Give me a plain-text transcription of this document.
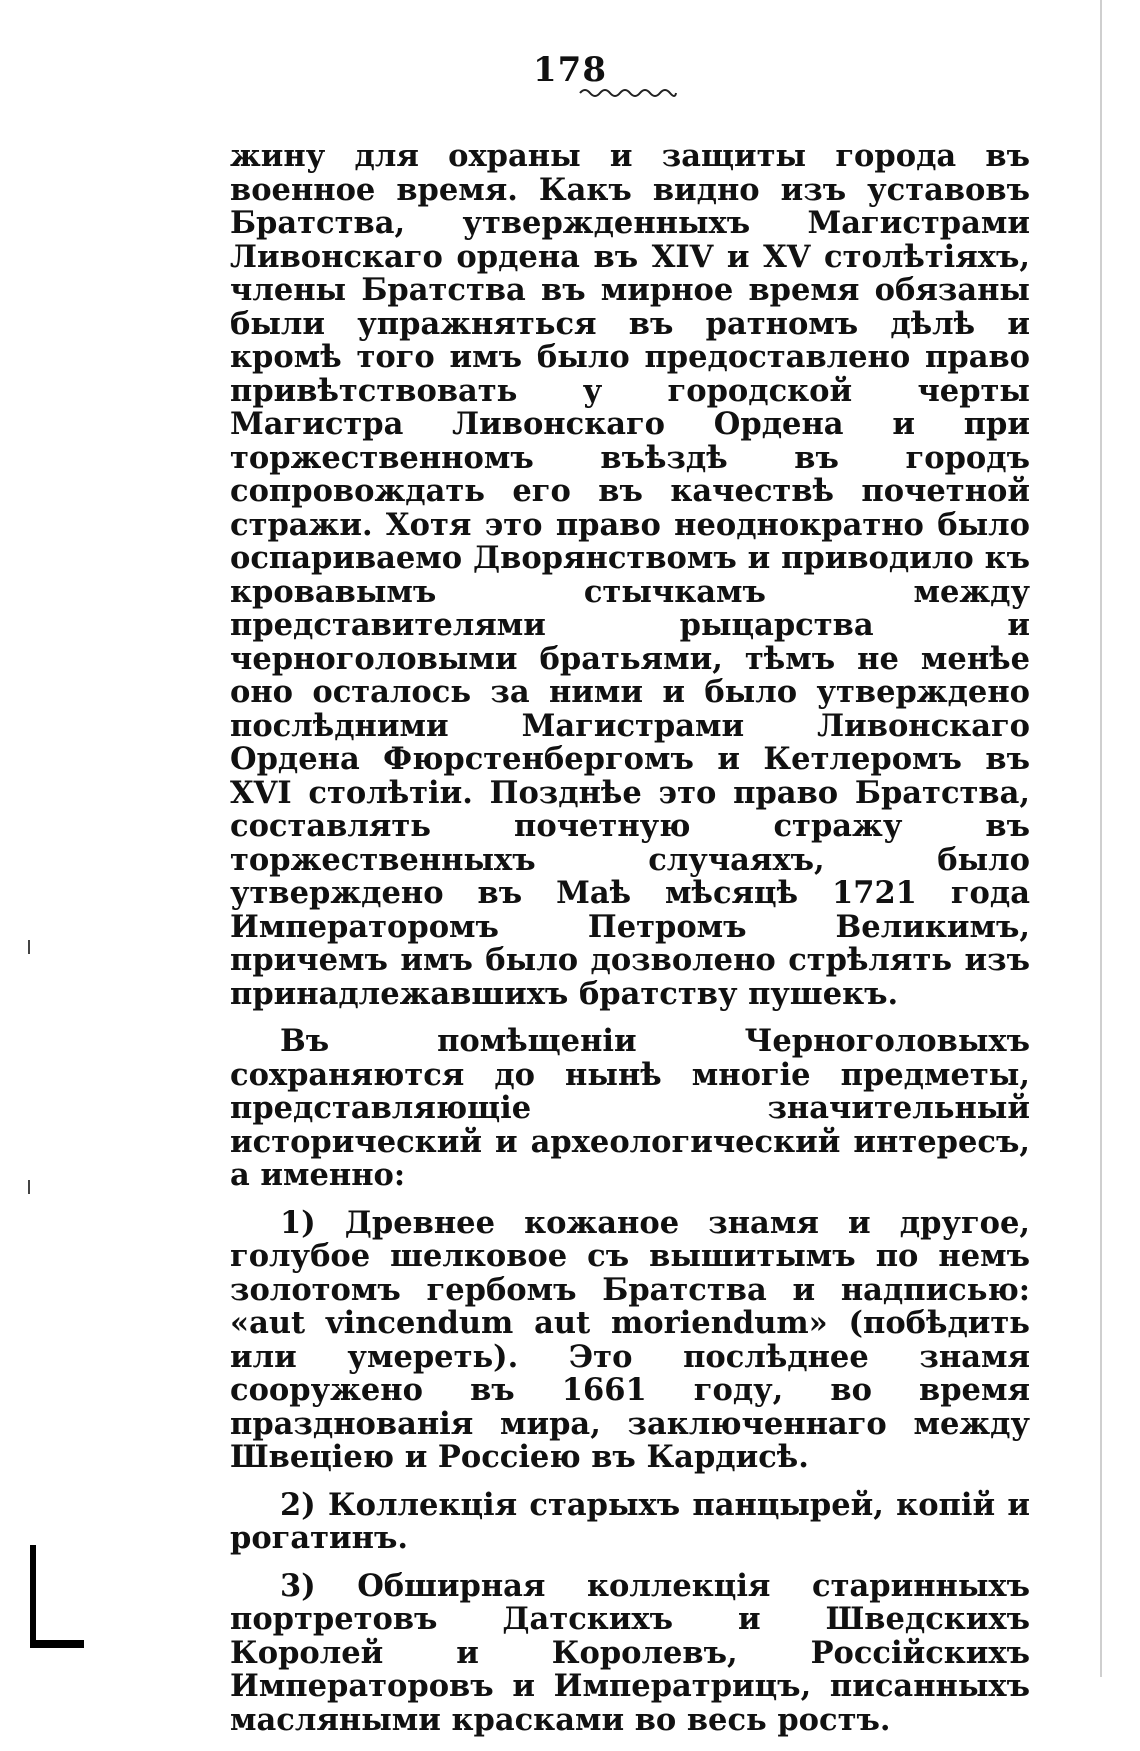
178

жину для охраны и защиты города въ военное время. Какъ видно изъ уставовъ Братства, утвержденныхъ Магистрами Ливонскаго ордена въ XIV и XV столѣтіяхъ, члены Братства въ мирное время обязаны были упражняться въ ратномъ дѣлѣ и кромѣ того имъ было предоставлено право привѣтствовать у городской черты Магистра Ливонскаго Ордена и при торжественномъ въѣздѣ въ городъ сопровождать его въ качествѣ почетной стражи. Хотя это право неоднократно было оспариваемо Дворянствомъ и приводило къ кровавымъ стычкамъ между представителями рыцарства и черноголовыми братьями, тѣмъ не менѣе оно осталось за ними и было утверждено послѣдними Магистрами Ливонскаго Ордена Фюрстенбергомъ и Кетлеромъ въ XVI столѣтіи. Позднѣе это право Братства, составлять почетную стражу въ торжественныхъ случаяхъ, было утверждено въ Маѣ мѣсяцѣ 1721 года Императоромъ Петромъ Великимъ, причемъ имъ было дозволено стрѣлять изъ принадлежавшихъ братству пушекъ.

Въ помѣщеніи Черноголовыхъ сохраняются до нынѣ многіе предметы, представляющіе значительный исторический и археологический интересъ, а именно:

1) Древнее кожаное знамя и другое, голубое шелковое съ вышитымъ по немъ золотомъ гербомъ Братства и надписью: «aut vincendum aut moriendum» (побѣдить или умереть). Это послѣднее знамя сооружено въ 1661 году, во время празднованія мира, заключеннаго между Швеціею и Россіею въ Кардисѣ.

2) Коллекція старыхъ панцырей, копій и рогатинъ.

3) Обширная коллекція старинныхъ портретовъ Датскихъ и Шведскихъ Королей и Королевъ, Россійскихъ Императоровъ и Императрицъ, писанныхъ масляными красками во весь ростъ.
